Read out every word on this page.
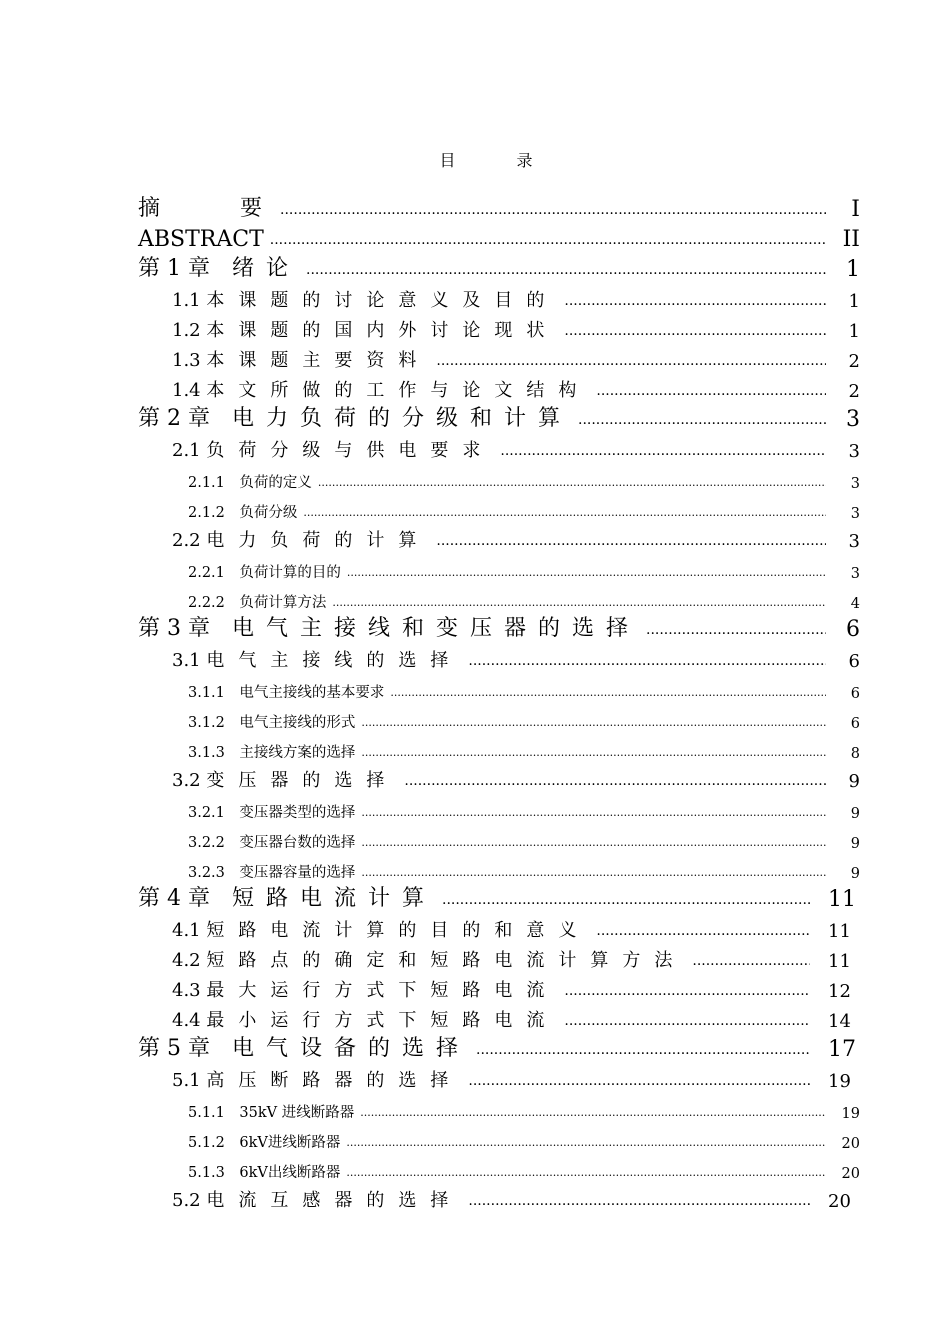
目 录
摘　　要 .....	I
ABSTRACT .....	II
第 1 章  绪论 .....	1
1.1 本课题的讨论意义及目的 .....	1
1.2 本课题的国内外讨论现状 .....	1
1.3 本课题主要资料 .....	2
1.4 本文所做的工作与论文结构 .....	2
第 2 章  电力负荷的分级和计算 .....	3
2.1 负荷分级与供电要求 .....	3
2.1.1  负荷的定义 .....	3
2.1.2  负荷分级 .....	3
2.2 电力负荷的计算 .....	3
2.2.1  负荷计算的目的 .....	3
2.2.2  负荷计算方法 .....	4
第 3 章  电气主接线和变压器的选择 .....	6
3.1 电气主接线的选择 .....	6
3.1.1  电气主接线的基本要求 .....	6
3.1.2  电气主接线的形式 .....	6
3.1.3  主接线方案的选择 .....	8
3.2 变压器的选择 .....	9
3.2.1  变压器类型的选择 .....	9
3.2.2  变压器台数的选择 .....	9
3.2.3  变压器容量的选择 .....	9
第 4 章  短路电流计算 .....	11
4.1 短路电流计算的目的和意义 .....	11
4.2 短路点的确定和短路电流计算方法 .....	11
4.3 最大运行方式下短路电流 .....	12
4.4 最小运行方式下短路电流 .....	14
第 5 章  电气设备的选择 .....	17
5.1 高压断路器的选择 .....	19
5.1.1  35kV 进线断路器 .....	19
5.1.2  6kV进线断路器 .....	20
5.1.3  6kV出线断路器 .....	20
5.2 电流互感器的选择 .....	20
